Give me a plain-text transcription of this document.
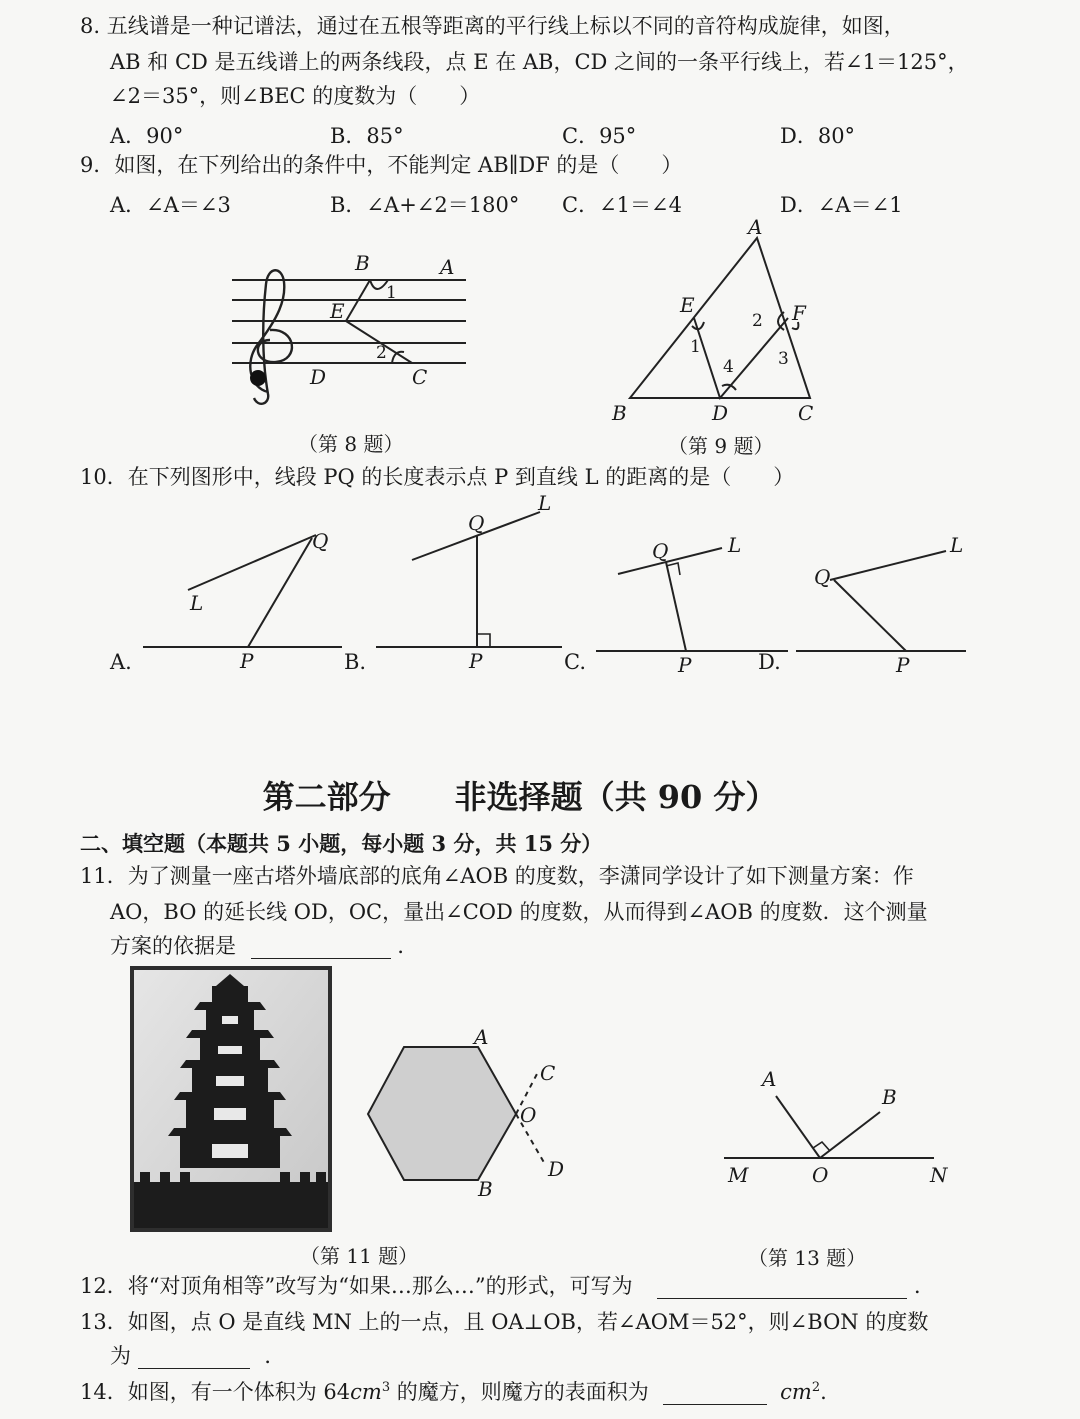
8. 五线谱是一种记谱法，通过在五根等距离的平行线上标以不同的音符构成旋律，如图，
AB 和 CD 是五线谱上的两条线段，点 E 在 AB，CD 之间的一条平行线上，若∠1＝125°，
∠2＝35°，则∠BEC 的度数为（　　）
A．90°	B．85°	C．95°	D．80°
9．如图，在下列给出的条件中，不能判定 AB∥DF 的是（　　）
A．∠A＝∠3	B．∠A+∠2＝180° C．∠1＝∠4	D．∠A＝∠1
B	A
E
1
2
D	C
（第 8 题）
A
E	F
B	D	C
1
2
3
4
（第 9 题）
10．在下列图形中，线段 PQ 的长度表示点 P 到直线 L 的距离的是（　　）
A.	B.	C.	D.
Q
L
P
Q
L
P
Q	L
P
Q
L
P
第二部分　　非选择题（共 90 分）
二、填空题（本题共 5 小题，每小题 3 分，共 15 分）
11．为了测量一座古塔外墙底部的底角∠AOB 的度数，李潇同学设计了如下测量方案：作
AO，BO 的延长线 OD，OC，量出∠COD 的度数，从而得到∠AOB 的度数．这个测量
方案的依据是	．
（第 11 题）
A
C
O
D
B
A
B
M	O	N
（第 13 题）
12．将“对顶角相等”改写为“如果…那么…”的形式，可写为	．
13．如图，点 O 是直线 MN 上的一点，且 OA⊥OB，若∠AOM＝52°，则∠BON 的度数
为	．
14．如图，有一个体积为 $64cm^3$ 的魔方，则魔方的表面积为	$cm^2$.
